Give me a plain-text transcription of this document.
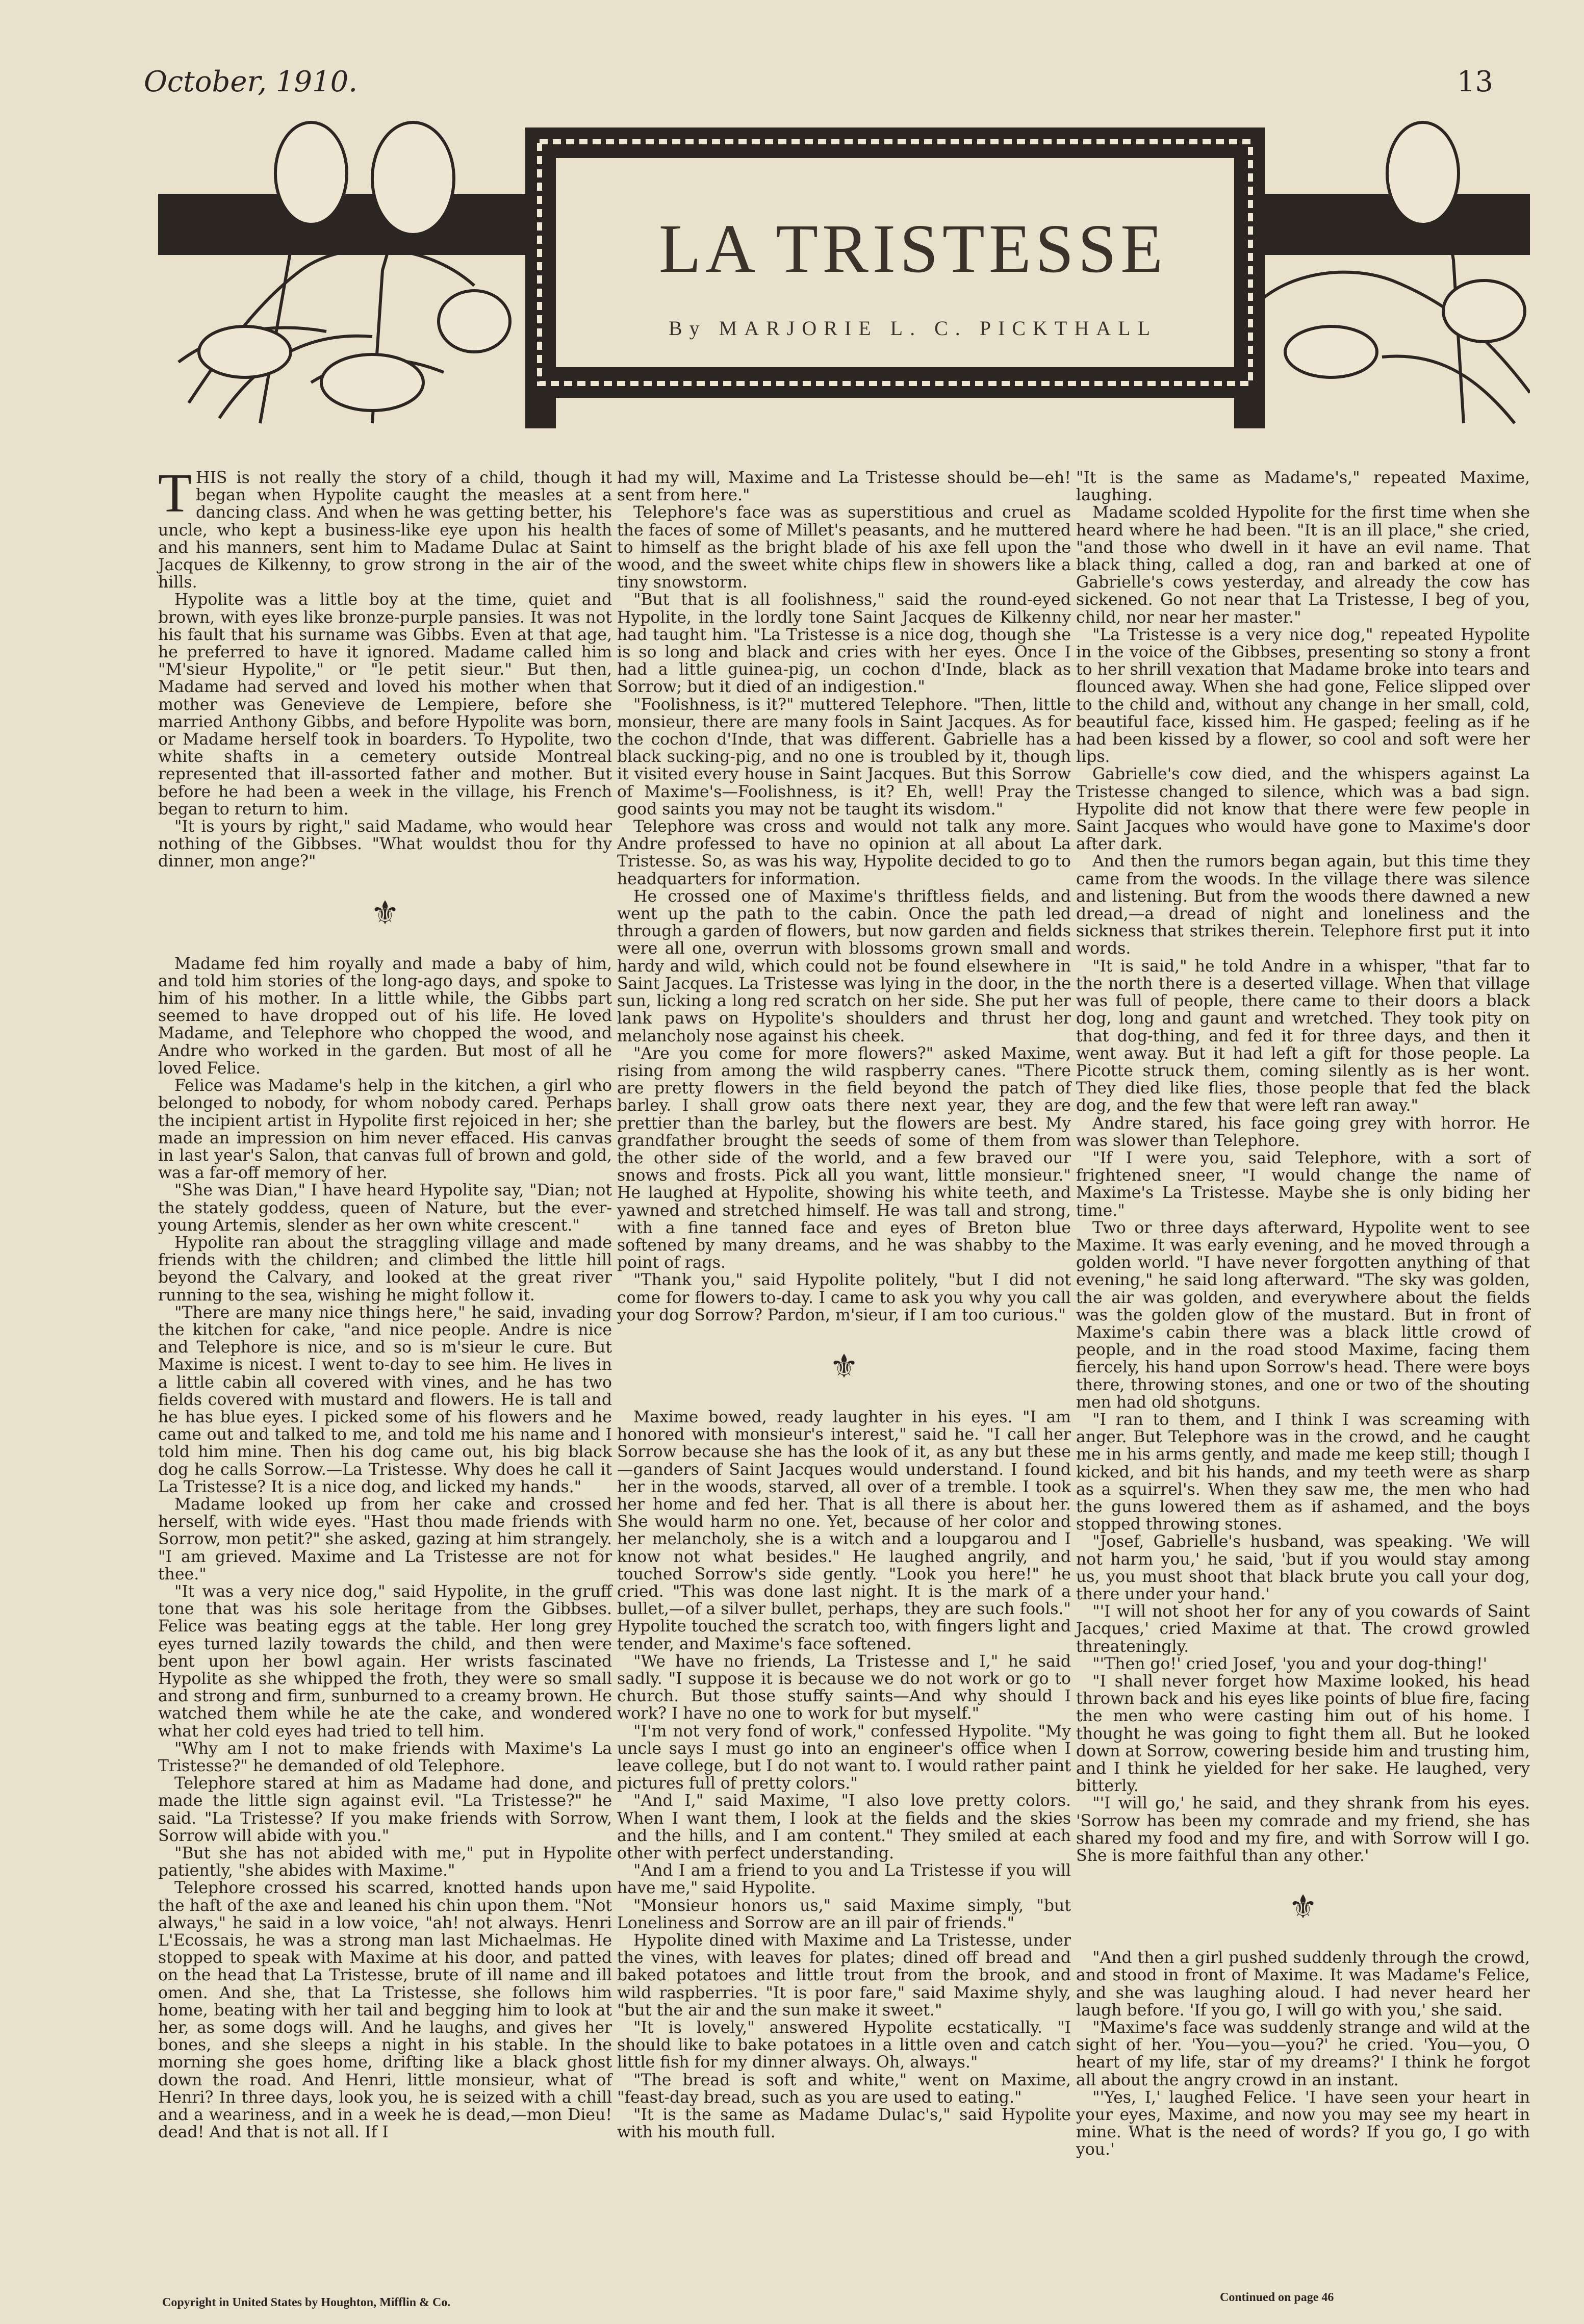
October, 1910.	13
LA TRISTESSE
By MARJORIE L. C. PICKTHALL

THIS is not really the story of a child, though it began when Hypolite caught the measles at a dancing class. And when he was getting better, his uncle, who kept a business-like eye upon his health and his manners, sent him to Madame Dulac at Saint Jacques de Kilkenny, to grow strong in the air of the hills.

Hypolite was a little boy at the time, quiet and brown, with eyes like bronze-purple pansies. It was not his fault that his surname was Gibbs. Even at that age, he preferred to have it ignored. Madame called him "M'sieur Hypolite," or "le petit sieur." But then, Madame had served and loved his mother when that mother was Genevieve de Lempiere, before she married Anthony Gibbs, and before Hypolite was born, or Madame herself took in boarders. To Hypolite, two white shafts in a cemetery outside Montreal represented that ill-assorted father and mother. But before he had been a week in the village, his French began to return to him.

"It is yours by right," said Madame, who would hear nothing of the Gibbses. "What wouldst thou for thy dinner, mon ange?"

⚜

Madame fed him royally and made a baby of him, and told him stories of the long-ago days, and spoke to him of his mother. In a little while, the Gibbs part seemed to have dropped out of his life. He loved Madame, and Telephore who chopped the wood, and Andre who worked in the garden. But most of all he loved Felice.

Felice was Madame's help in the kitchen, a girl who belonged to nobody, for whom nobody cared. Perhaps the incipient artist in Hypolite first rejoiced in her; she made an impression on him never effaced. His canvas in last year's Salon, that canvas full of brown and gold, was a far-off memory of her.

"She was Dian," I have heard Hypolite say, "Dian; not the stately goddess, queen of Nature, but the ever-young Artemis, slender as her own white crescent."

Hypolite ran about the straggling village and made friends with the children; and climbed the little hill beyond the Calvary, and looked at the great river running to the sea, wishing he might follow it.

"There are many nice things here," he said, invading the kitchen for cake, "and nice people. Andre is nice and Telephore is nice, and so is m'sieur le cure. But Maxime is nicest. I went to-day to see him. He lives in a little cabin all covered with vines, and he has two fields covered with mustard and flowers. He is tall and he has blue eyes. I picked some of his flowers and he came out and talked to me, and told me his name and I told him mine. Then his dog came out, his big black dog he calls Sorrow.—La Tristesse. Why does he call it La Tristesse? It is a nice dog, and licked my hands."

Madame looked up from her cake and crossed herself, with wide eyes. "Hast thou made friends with Sorrow, mon petit?" she asked, gazing at him strangely. "I am grieved. Maxime and La Tristesse are not for thee."

"It was a very nice dog," said Hypolite, in the gruff tone that was his sole heritage from the Gibbses. Felice was beating eggs at the table. Her long grey eyes turned lazily towards the child, and then were bent upon her bowl again. Her wrists fascinated Hypolite as she whipped the froth, they were so small and strong and firm, sunburned to a creamy brown. He watched them while he ate the cake, and wondered what her cold eyes had tried to tell him.

"Why am I not to make friends with Maxime's La Tristesse?" he demanded of old Telephore.

Telephore stared at him as Madame had done, and made the little sign against evil. "La Tristesse?" he said. "La Tristesse? If you make friends with Sorrow, Sorrow will abide with you."

"But she has not abided with me," put in Hypolite patiently, "she abides with Maxime."

Telephore crossed his scarred, knotted hands upon the haft of the axe and leaned his chin upon them. "Not always," he said in a low voice, "ah! not always. Henri L'Ecossais, he was a strong man last Michaelmas. He stopped to speak with Maxime at his door, and patted on the head that La Tristesse, brute of ill name and ill omen. And she, that La Tristesse, she follows him home, beating with her tail and begging him to look at her, as some dogs will. And he laughs, and gives her bones, and she sleeps a night in his stable. In the morning she goes home, drifting like a black ghost down the road. And Henri, little monsieur, what of Henri? In three days, look you, he is seized with a chill and a weariness, and in a week he is dead,—mon Dieu! dead! And that is not all. If I

had my will, Maxime and La Tristesse should be—eh! sent from here."

Telephore's face was as superstitious and cruel as the faces of some of Millet's peasants, and he muttered to himself as the bright blade of his axe fell upon the wood, and the sweet white chips flew in showers like a tiny snowstorm.

"But that is all foolishness," said the round-eyed Hypolite, in the lordly tone Saint Jacques de Kilkenny had taught him. "La Tristesse is a nice dog, though she is so long and black and cries with her eyes. Once I had a little guinea-pig, un cochon d'Inde, black as Sorrow; but it died of an indigestion."

"Foolishness, is it?" muttered Telephore. "Then, little monsieur, there are many fools in Saint Jacques. As for the cochon d'Inde, that was different. Gabrielle has a black sucking-pig, and no one is troubled by it, though it visited every house in Saint Jacques. But this Sorrow of Maxime's—Foolishness, is it? Eh, well! Pray the good saints you may not be taught its wisdom."

Telephore was cross and would not talk any more. Andre professed to have no opinion at all about La Tristesse. So, as was his way, Hypolite decided to go to headquarters for information.

He crossed one of Maxime's thriftless fields, and went up the path to the cabin. Once the path led through a garden of flowers, but now garden and fields were all one, overrun with blossoms grown small and hardy and wild, which could not be found elsewhere in Saint Jacques. La Tristesse was lying in the door, in the sun, licking a long red scratch on her side. She put her lank paws on Hypolite's shoulders and thrust her melancholy nose against his cheek.

"Are you come for more flowers?" asked Maxime, rising from among the wild raspberry canes. "There are pretty flowers in the field beyond the patch of barley. I shall grow oats there next year, they are prettier than the barley, but the flowers are best. My grandfather brought the seeds of some of them from the other side of the world, and a few braved our snows and frosts. Pick all you want, little monsieur." He laughed at Hypolite, showing his white teeth, and yawned and stretched himself. He was tall and strong, with a fine tanned face and eyes of Breton blue softened by many dreams, and he was shabby to the point of rags.

"Thank you," said Hypolite politely, "but I did not come for flowers to-day. I came to ask you why you call your dog Sorrow? Pardon, m'sieur, if I am too curious."

⚜

Maxime bowed, ready laughter in his eyes. "I am honored with monsieur's interest," said he. "I call her Sorrow because she has the look of it, as any but these—ganders of Saint Jacques would understand. I found her in the woods, starved, all over of a tremble. I took her home and fed her. That is all there is about her. She would harm no one. Yet, because of her color and her melancholy, she is a witch and a loupgarou and I know not what besides." He laughed angrily, and touched Sorrow's side gently. "Look you here!" he cried. "This was done last night. It is the mark of a bullet,—of a silver bullet, perhaps, they are such fools." Hypolite touched the scratch too, with fingers light and tender, and Maxime's face softened.

"We have no friends, La Tristesse and I," he said sadly. "I suppose it is because we do not work or go to church. But those stuffy saints—And why should I work? I have no one to work for but myself."

"I'm not very fond of work," confessed Hypolite. "My uncle says I must go into an engineer's office when I leave college, but I do not want to. I would rather paint pictures full of pretty colors."

"And I," said Maxime, "I also love pretty colors. When I want them, I look at the fields and the skies and the hills, and I am content." They smiled at each other with perfect understanding.

"And I am a friend to you and La Tristesse if you will have me," said Hypolite.

"Monsieur honors us," said Maxime simply, "but Loneliness and Sorrow are an ill pair of friends."

Hypolite dined with Maxime and La Tristesse, under the vines, with leaves for plates; dined off bread and baked potatoes and little trout from the brook, and wild raspberries. "It is poor fare," said Maxime shyly, "but the air and the sun make it sweet."

"It is lovely," answered Hypolite ecstatically. "I should like to bake potatoes in a little oven and catch little fish for my dinner always. Oh, always."

"The bread is soft and white," went on Maxime, "feast-day bread, such as you are used to eating."

"It is the same as Madame Dulac's," said Hypolite with his mouth full.

"It is the same as Madame's," repeated Maxime, laughing.

Madame scolded Hypolite for the first time when she heard where he had been. "It is an ill place," she cried, "and those who dwell in it have an evil name. That black thing, called a dog, ran and barked at one of Gabrielle's cows yesterday, and already the cow has sickened. Go not near that La Tristesse, I beg of you, child, nor near her master."

"La Tristesse is a very nice dog," repeated Hypolite in the voice of the Gibbses, presenting so stony a front to her shrill vexation that Madame broke into tears and flounced away. When she had gone, Felice slipped over to the child and, without any change in her small, cold, beautiful face, kissed him. He gasped; feeling as if he had been kissed by a flower, so cool and soft were her lips.

Gabrielle's cow died, and the whispers against La Tristesse changed to silence, which was a bad sign. Hypolite did not know that there were few people in Saint Jacques who would have gone to Maxime's door after dark.

And then the rumors began again, but this time they came from the woods. In the village there was silence and listening. But from the woods there dawned a new dread,—a dread of night and loneliness and the sickness that strikes therein. Telephore first put it into words.

"It is said," he told Andre in a whisper, "that far to the north there is a deserted village. When that village was full of people, there came to their doors a black dog, long and gaunt and wretched. They took pity on that dog-thing, and fed it for three days, and then it went away. But it had left a gift for those people. La Picotte struck them, coming silently as is her wont. They died like flies, those people that fed the black dog, and the few that were left ran away."

Andre stared, his face going grey with horror. He was slower than Telephore.

"If I were you, said Telephore, with a sort of frightened sneer, "I would change the name of Maxime's La Tristesse. Maybe she is only biding her time."

Two or three days afterward, Hypolite went to see Maxime. It was early evening, and he moved through a golden world. "I have never forgotten anything of that evening," he said long afterward. "The sky was golden, the air was golden, and everywhere about the fields was the golden glow of the mustard. But in front of Maxime's cabin there was a black little crowd of people, and in the road stood Maxime, facing them fiercely, his hand upon Sorrow's head. There were boys there, throwing stones, and one or two of the shouting men had old shotguns.

"I ran to them, and I think I was screaming with anger. But Telephore was in the crowd, and he caught me in his arms gently, and made me keep still; though I kicked, and bit his hands, and my teeth were as sharp as a squirrel's. When they saw me, the men who had the guns lowered them as if ashamed, and the boys stopped throwing stones.

"Josef, Gabrielle's husband, was speaking. 'We will not harm you,' he said, 'but if you would stay among us, you must shoot that black brute you call your dog, there under your hand.'

"'I will not shoot her for any of you cowards of Saint Jacques,' cried Maxime at that. The crowd growled threateningly.

"'Then go!' cried Josef, 'you and your dog-thing!'

"I shall never forget how Maxime looked, his head thrown back and his eyes like points of blue fire, facing the men who were casting him out of his home. I thought he was going to fight them all. But he looked down at Sorrow, cowering beside him and trusting him, and I think he yielded for her sake. He laughed, very bitterly.

"'I will go,' he said, and they shrank from his eyes. 'Sorrow has been my comrade and my friend, she has shared my food and my fire, and with Sorrow will I go. She is more faithful than any other.'

⚜

"And then a girl pushed suddenly through the crowd, and stood in front of Maxime. It was Madame's Felice, and she was laughing aloud. I had never heard her laugh before. 'If you go, I will go with you,' she said.

"Maxime's face was suddenly strange and wild at the sight of her. 'You—you—you?' he cried. 'You—you, O heart of my life, star of my dreams?' I think he forgot all about the angry crowd in an instant.

"'Yes, I,' laughed Felice. 'I have seen your heart in your eyes, Maxime, and now you may see my heart in mine. What is the need of words? If you go, I go with you.'

Copyright in United States by Houghton, Mifflin & Co.	Continued on page 46
